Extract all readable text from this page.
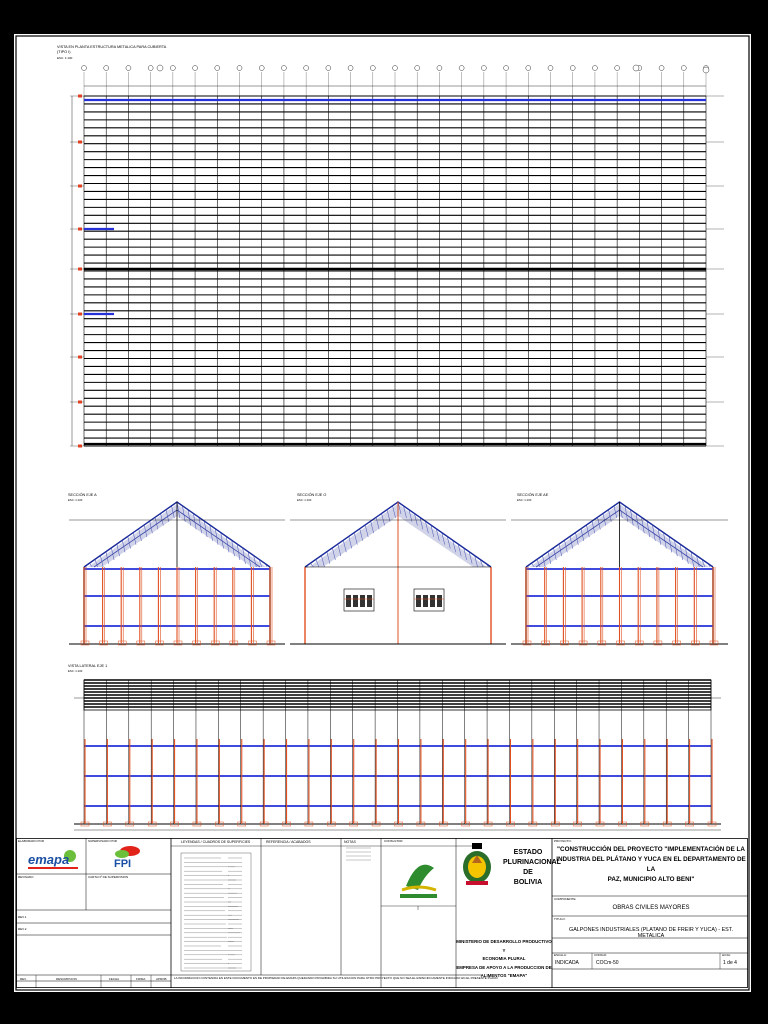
VISTA EN PLANTA ESTRUCTURA METALICA PARA CUBIERTA
(TIPO I)
ESC: 1:100
SECCIÓN EJE A
ESC: 1:100
SECCIÓN EJE O
ESC: 1:100
SECCIÓN EJE AE
ESC: 1:100
VISTA LATERAL EJE 1
ESC: 1:100
ELABORADO POR	SUPERVISADO POR
REVISADO	CARTA Nº DE SUPERVISION
REV.1
REV.2
REV.	DESCRIPCION	FECHA	FIRMA	APROB
emapa	FPI
LEYENDAS / CUADROS DE SUPERFICIES	REFERENCIA / ACABADOS	NOTAS	CONSULTOR
LA INFORMACION CONTENIDA EN ESTE DOCUMENTO ES DE PROPIEDAD DE EMAPA QUEDANDO PROHIBIDA SU UTILIZACION PARA OTRO PROYECTO QUE NO SEA EL ESPECIFICAMENTE INDICADO EN EL PRESENTE PLANO
ESTADO
PLURINACIONAL DE
BOLIVIA
MINISTERIO DE DESARROLLO PRODUCTIVO Y
ECONOMIA PLURAL
EMPRESA DE APOYO A LA PRODUCCION DE
ALIMENTOS "EMAPA"
PROYECTO:
"CONSTRUCCIÓN DEL PROYECTO "IMPLEMENTACIÓN DE LA
INDUSTRIA DEL PLÁTANO Y YUCA EN EL DEPARTAMENTO DE LA
PAZ, MUNICIPIO ALTO BENI"
COMPONENTE:
OBRAS CIVILES MAYORES
TITULO:
GALPONES INDUSTRIALES (PLATANO DE FREIR Y YUCA) - EST. METALICA
ESCALA:
INDICADA
CODIGO:
COCm-50
HOJA:
1 de 4
